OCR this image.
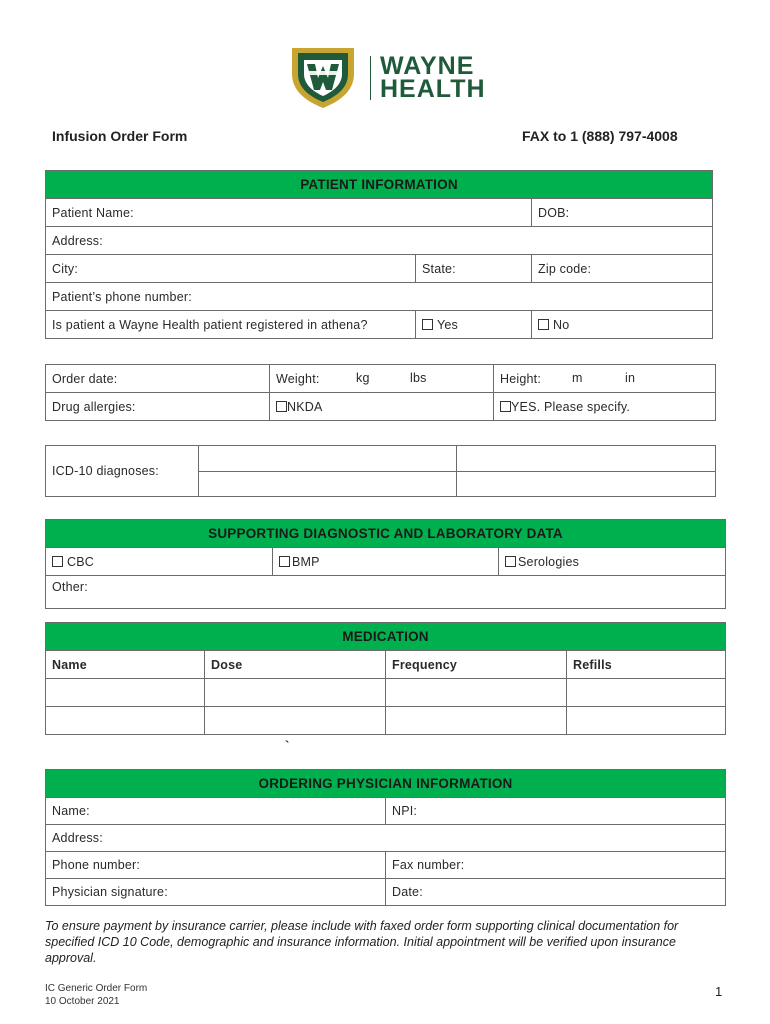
WAYNE
HEALTH
Infusion Order Form	FAX to 1 (888) 797-4008
PATIENT INFORMATION		
Patient Name:		DOB:
Address:		
City:	State:	Zip code:
Patient’s phone number:		
Is patient a Wayne Health patient registered in athena?	Yes	No
Order date:	Weight: kg lbs	Height: m in

Drug allergies:	NKDA	YES. Please specify.
ICD-10 diagnoses:		

SUPPORTING DIAGNOSTIC AND LABORATORY DATA
CBC	BMP	Serologies
Other:
MEDICATION			
Name	Dose	Frequency	Refills

`
ORDERING PHYSICIAN INFORMATION	
Name:	NPI:
Address:	
Phone number:	Fax number:
Physician signature:	Date:
To ensure payment by insurance carrier, please include with faxed order form supporting clinical documentation for specified ICD 10 Code, demographic and insurance information. Initial appointment will be verified upon insurance approval.
IC Generic Order Form
10 October 2021
1
